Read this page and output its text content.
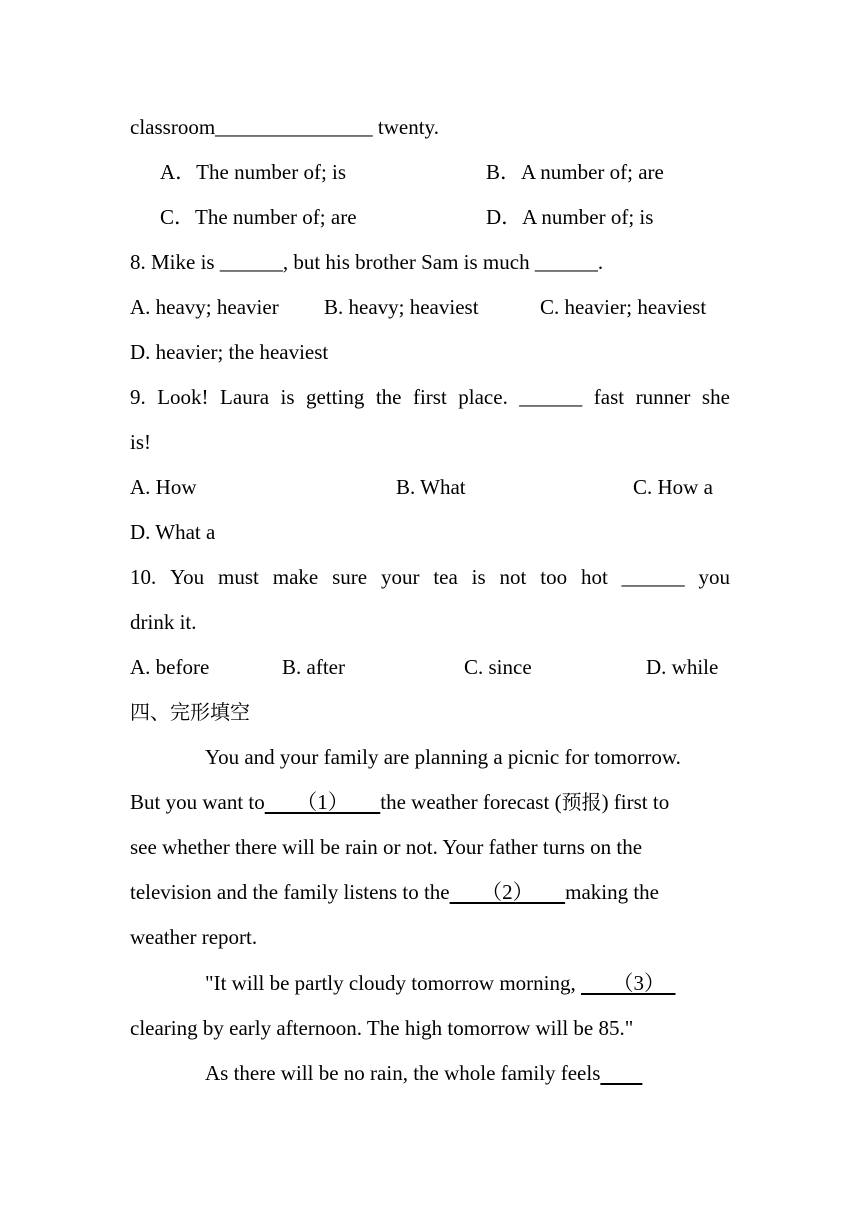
classroom_______________ twenty.
A．The number of; is	B．A number of; are
C．The number of; are	D．A number of; is
8. Mike is ______, but his brother Sam is much ______.
A. heavy; heavier B. heavy; heaviest	C. heavier; heaviest
D. heavier; the heaviest
9. Look! Laura is getting the first place. ______ fast runner she
is!
A. How	B. What	C. How a
D. What a
10. You must make sure your tea is not too hot ______ you
drink it.
A. before	B. after	C. since	D. while
四、完形填空
You and your family are planning a picnic for tomorrow.
But you want to　　（1）　　the weather forecast (预报) first to
see whether there will be rain or not. Your father turns on the
television and the family listens to the　　（2）　　making the
weather report.
"It will be partly cloudy tomorrow morning, 　　（3）　
clearing by early afternoon. The high tomorrow will be 85."
As there will be no rain, the whole family feels　　
